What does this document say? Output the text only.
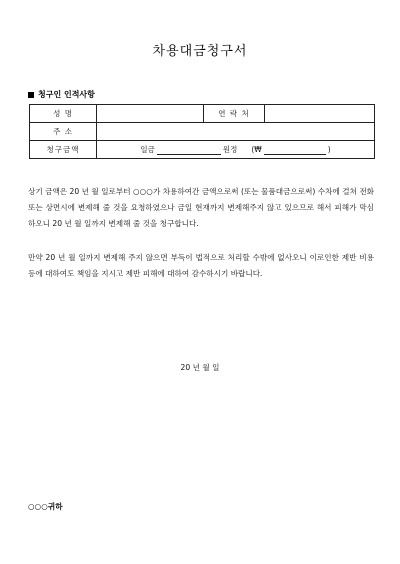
차용대금청구서
청구인 인적사항
성 명		연 락 처	
주 소			
청구금액	일금 원정 (₩ )		
상기 금액은 20 년 월 일로부터 ○○○가 차용하여간 금액으로써 (또는 물품대금으로써) 수차에 걸쳐 전화 또는 상면시에 변제해 줄 것을 요청하였으나 금일 현재까지 변제해주지 않고 있으므로 해서 피해가 막심하오니 20 년 월 일까지 변제해 줄 것을 청구합니다.
만약 20 년 월 일까지 변제해 주지 않으면 부득이 법적으로 처리할 수밖에 없사오니 이로인한 제반 비용 등에 대하여도 책임을 지시고 제반 피해에 대하여 감수하시기 바랍니다.
20 년 월 일
○○○귀하
